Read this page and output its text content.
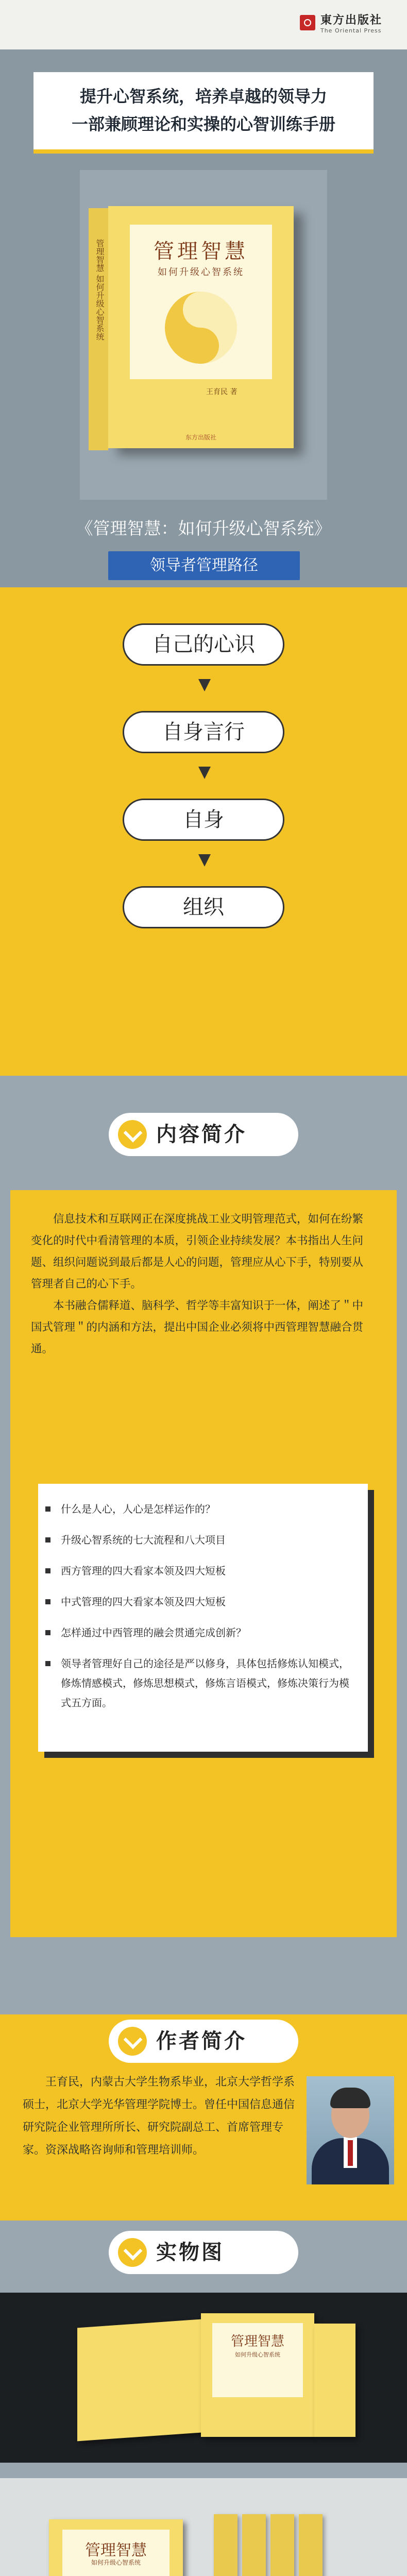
東方出版社
The Oriental Press
提升心智系统，培养卓越的领导力
一部兼顾理论和实操的心智训练手册
管理智慧 如何升级心智系统	管理智慧
如何升级心智系统
王育民 著
东方出版社
《管理智慧：如何升级心智系统》
领导者管理路径
自己的心识
自身言行
自身
组织
内容简介
信息技术和互联网正在深度挑战工业文明管理范式，如何在纷繁变化的时代中看清管理的本质，引领企业持续发展？本书指出人生问题、组织问题说到最后都是人心的问题，管理应从心下手，特别要从管理者自己的心下手。
本书融合儒释道、脑科学、哲学等丰富知识于一体，阐述了＂中国式管理＂的内涵和方法，提出中国企业必须将中西管理智慧融合贯通。
什么是人心，人心是怎样运作的？
升级心智系统的七大流程和八大项目
西方管理的四大看家本领及四大短板
中式管理的四大看家本领及四大短板
怎样通过中西管理的融会贯通完成创新？
领导者管理好自己的途径是严以修身，具体包括修炼认知模式，修炼情感模式，修炼思想模式，修炼言语模式，修炼决策行为模式五方面。
作者简介
王育民，内蒙古大学生物系毕业，北京大学哲学系硕士，北京大学光华管理学院博士。曾任中国信息通信研究院企业管理所所长、研究院副总工、首席管理专家。资深战略咨询师和管理培训师。
实物图
管理智慧
如何升级心智系统
管理智慧
如何升级心智系统
